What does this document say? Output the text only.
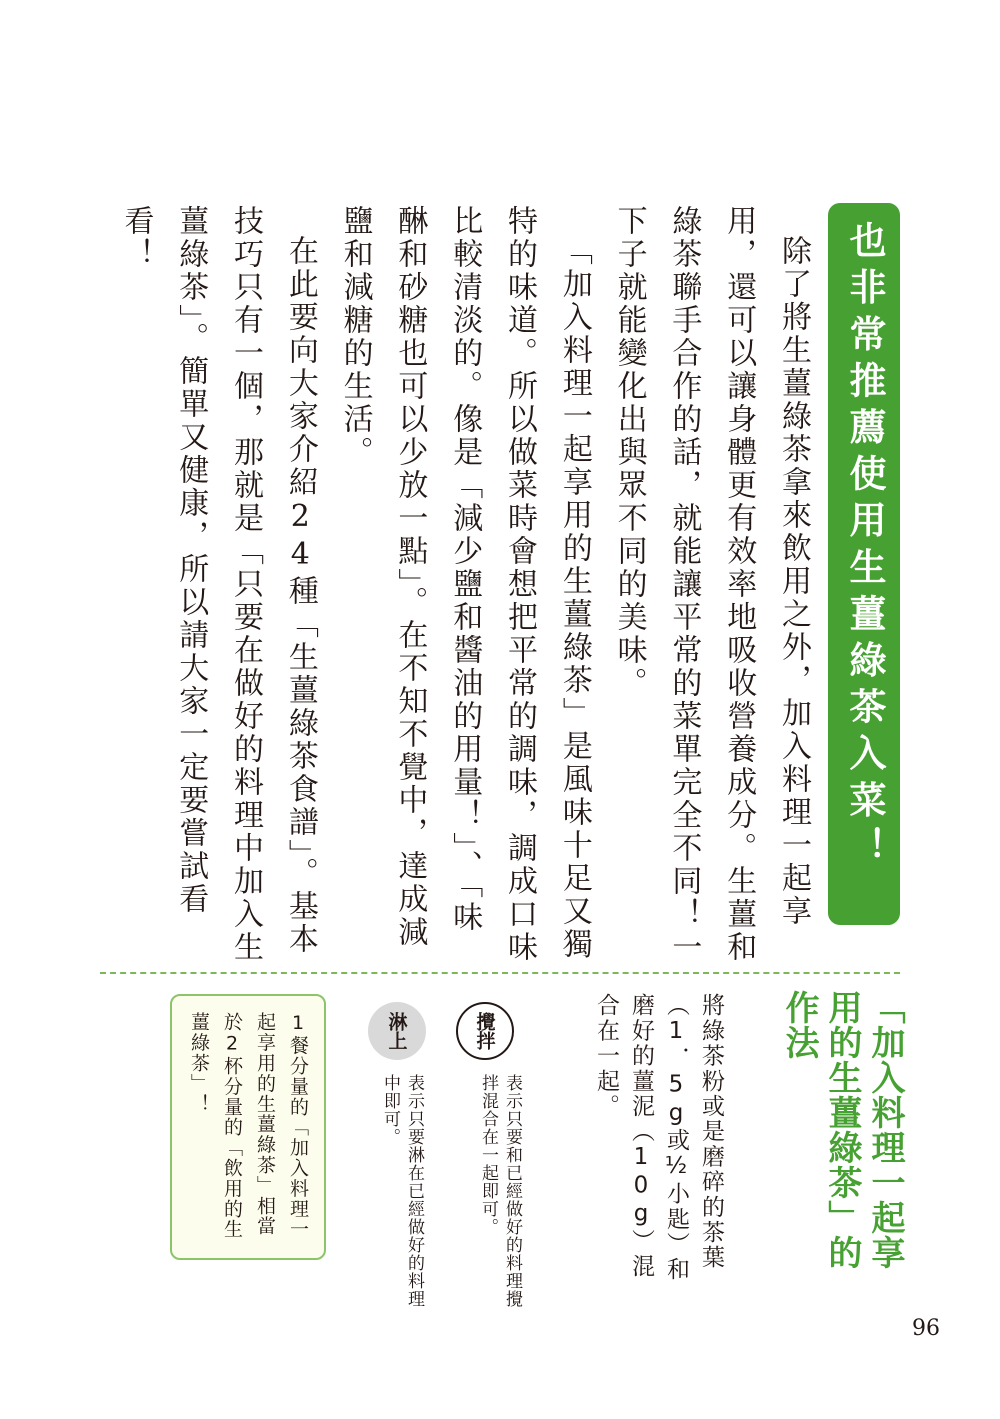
也非常推薦使用生薑綠茶入菜！

除了將生薑綠茶拿來飲用之外，加入料理一起享用，還可以讓身體更有效率地吸收營養成分。生薑和綠茶聯手合作的話，就能讓平常的菜單完全不同！一下子就能變化出與眾不同的美味。

「加入料理一起享用的生薑綠茶」是風味十足又獨特的味道。所以做菜時會想把平常的調味，調成口味比較清淡的。像是「減少鹽和醬油的用量！」、「味醂和砂糖也可以少放一點」。在不知不覺中，達成減鹽和減糖的生活。

在此要向大家介紹24種「生薑綠茶食譜」。基本技巧只有一個，那就是「只要在做好的料理中加入生薑綠茶」。簡單又健康，所以請大家一定要嘗試看看！

「加入料理一起享用的生薑綠茶」的作法
將綠茶粉或是磨碎的茶葉（1．5g或½小匙）和磨好的薑泥（10g）混合在一起。
攪拌
表示只要和已經做好的料理攪拌混合在一起即可。
淋上
表示只要淋在已經做好的料理中即可。
1餐分量的「加入料理一起享用的生薑綠茶」相當於2杯分量的「飲用的生薑綠茶」！
96
